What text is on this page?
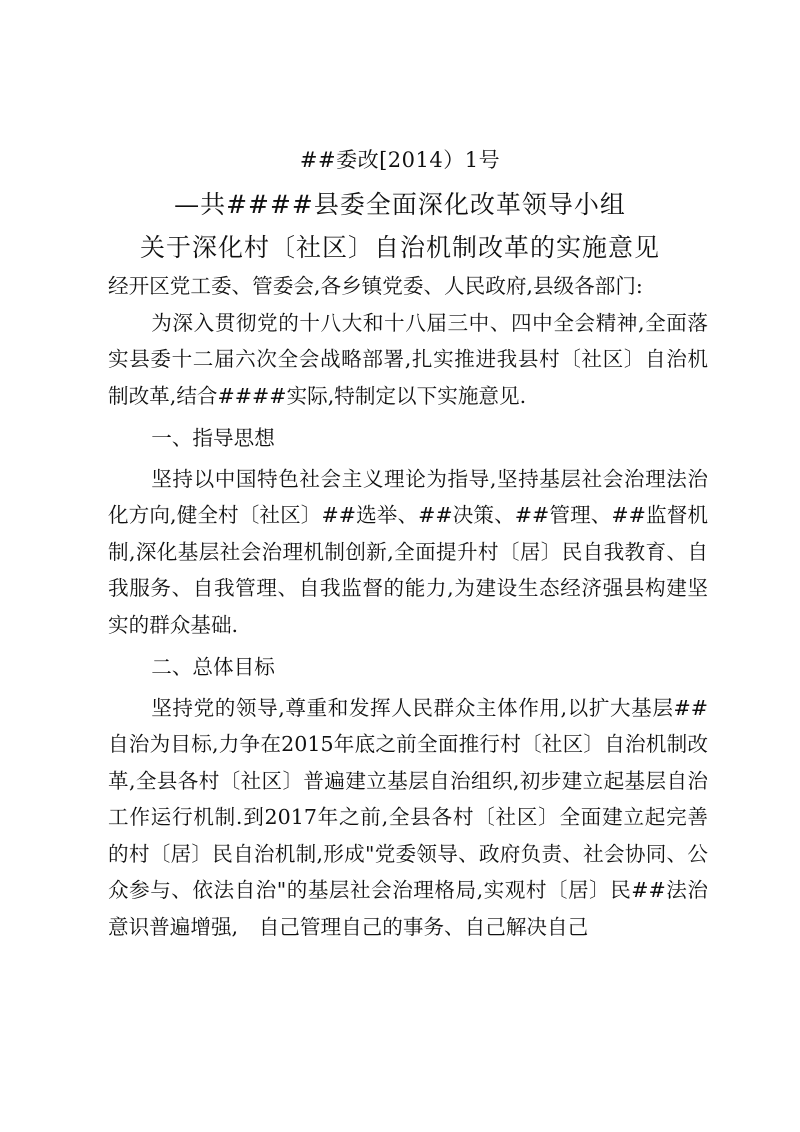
##委改[2014）1号
—共####县委全面深化改革领导小组
关于深化村〔社区〕自治机制改革的实施意见

经开区党工委、管委会,各乡镇党委、人民政府,县级各部门:

为深入贯彻党的十八大和十八届三中、四中全会精神,全面落实县委十二届六次全会战略部署,扎实推进我县村〔社区〕自治机制改革,结合####实际,特制定以下实施意见.

一、指导思想

坚持以中国特色社会主义理论为指导,坚持基层社会治理法治化方向,健全村〔社区〕##选举、##决策、##管理、##监督机制,深化基层社会治理机制创新,全面提升村〔居〕民自我教育、自我服务、自我管理、自我监督的能力,为建设生态经济强县构建坚实的群众基础.

二、总体目标

坚持党的领导,尊重和发挥人民群众主体作用,以扩大基层##自治为目标,力争在2015年底之前全面推行村〔社区〕自治机制改革,全县各村〔社区〕普遍建立基层自治组织,初步建立起基层自治工作运行机制.到2017年之前,全县各村〔社区〕全面建立起完善的村〔居〕民自治机制,形成"党委领导、政府负责、社会协同、公众参与、依法自治"的基层社会治理格局,实观村〔居〕民##法治意识普遍增强,　自己管理自己的事务、自己解决自己
